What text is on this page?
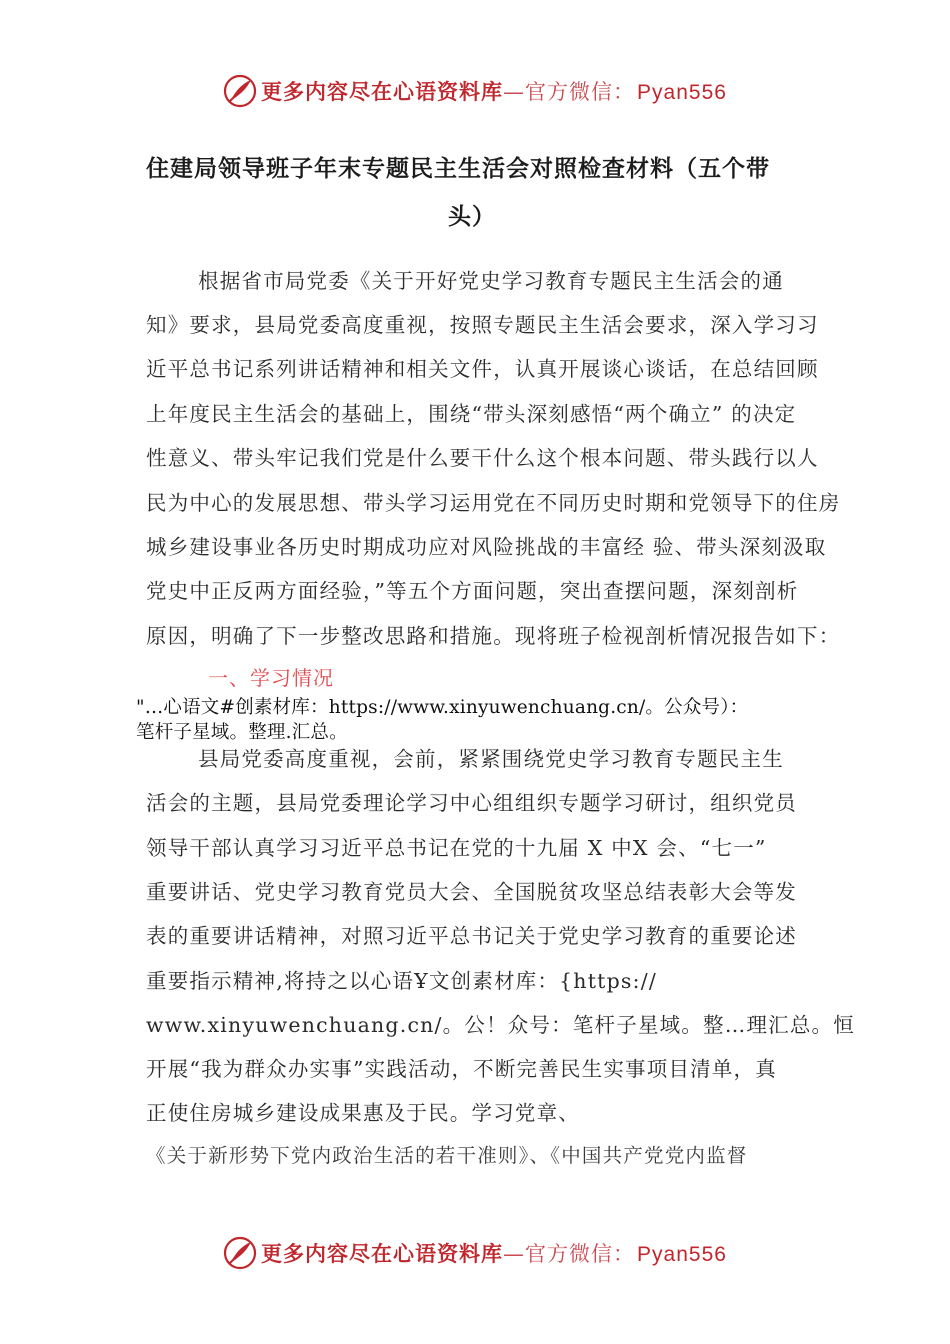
更多内容尽在心语资料库—官方微信：Pyan556
住建局领导班子年末专题民主生活会对照检查材料（五个带
头）
根据省市局党委《关于开好党史学习教育专题民主生活会的通
知》要求，县局党委高度重视，按照专题民主生活会要求，深入学习习
近平总书记系列讲话精神和相关文件，认真开展谈心谈话，在总结回顾
上年度民主生活会的基础上，围绕“带头深刻感悟“两个确立” 的决定
性意义、带头牢记我们党是什么要干什么这个根本问题、带头践行以人
民为中心的发展思想、带头学习运用党在不同历史时期和党领导下的住房
城乡建设事业各历史时期成功应对风险挑战的丰富经 验、带头深刻汲取
党史中正反两方面经验，”等五个方面问题，突出查摆问题，深刻剖析
原因，明确了下一步整改思路和措施。现将班子检视剖析情况报告如下：
一、学习情况
"…心语文#创素材库：https://www.xinyuwenchuang.cn/。公众号）：
笔杆子星域。整理.汇总。
县局党委高度重视，会前，紧紧围绕党史学习教育专题民主生
活会的主题，县局党委理论学习中心组组织专题学习研讨，组织党员
领导干部认真学习习近平总书记在党的十九届 X 中X 会、“七一”
重要讲话、党史学习教育党员大会、全国脱贫攻坚总结表彰大会等发
表的重要讲话精神，对照习近平总书记关于党史学习教育的重要论述
重要指示精神,将持之以心语Ұ文创素材库：{https://
www.xinyuwenchuang.cn/。公！众号：笔杆子星域。整…理汇总。恒
开展“我为群众办实事”实践活动，不断完善民生实事项目清单，真
正使住房城乡建设成果惠及于民。学习党章、
《关于新形势下党内政治生活的若干准则》、《中国共产党党内监督
更多内容尽在心语资料库—官方微信：Pyan556
